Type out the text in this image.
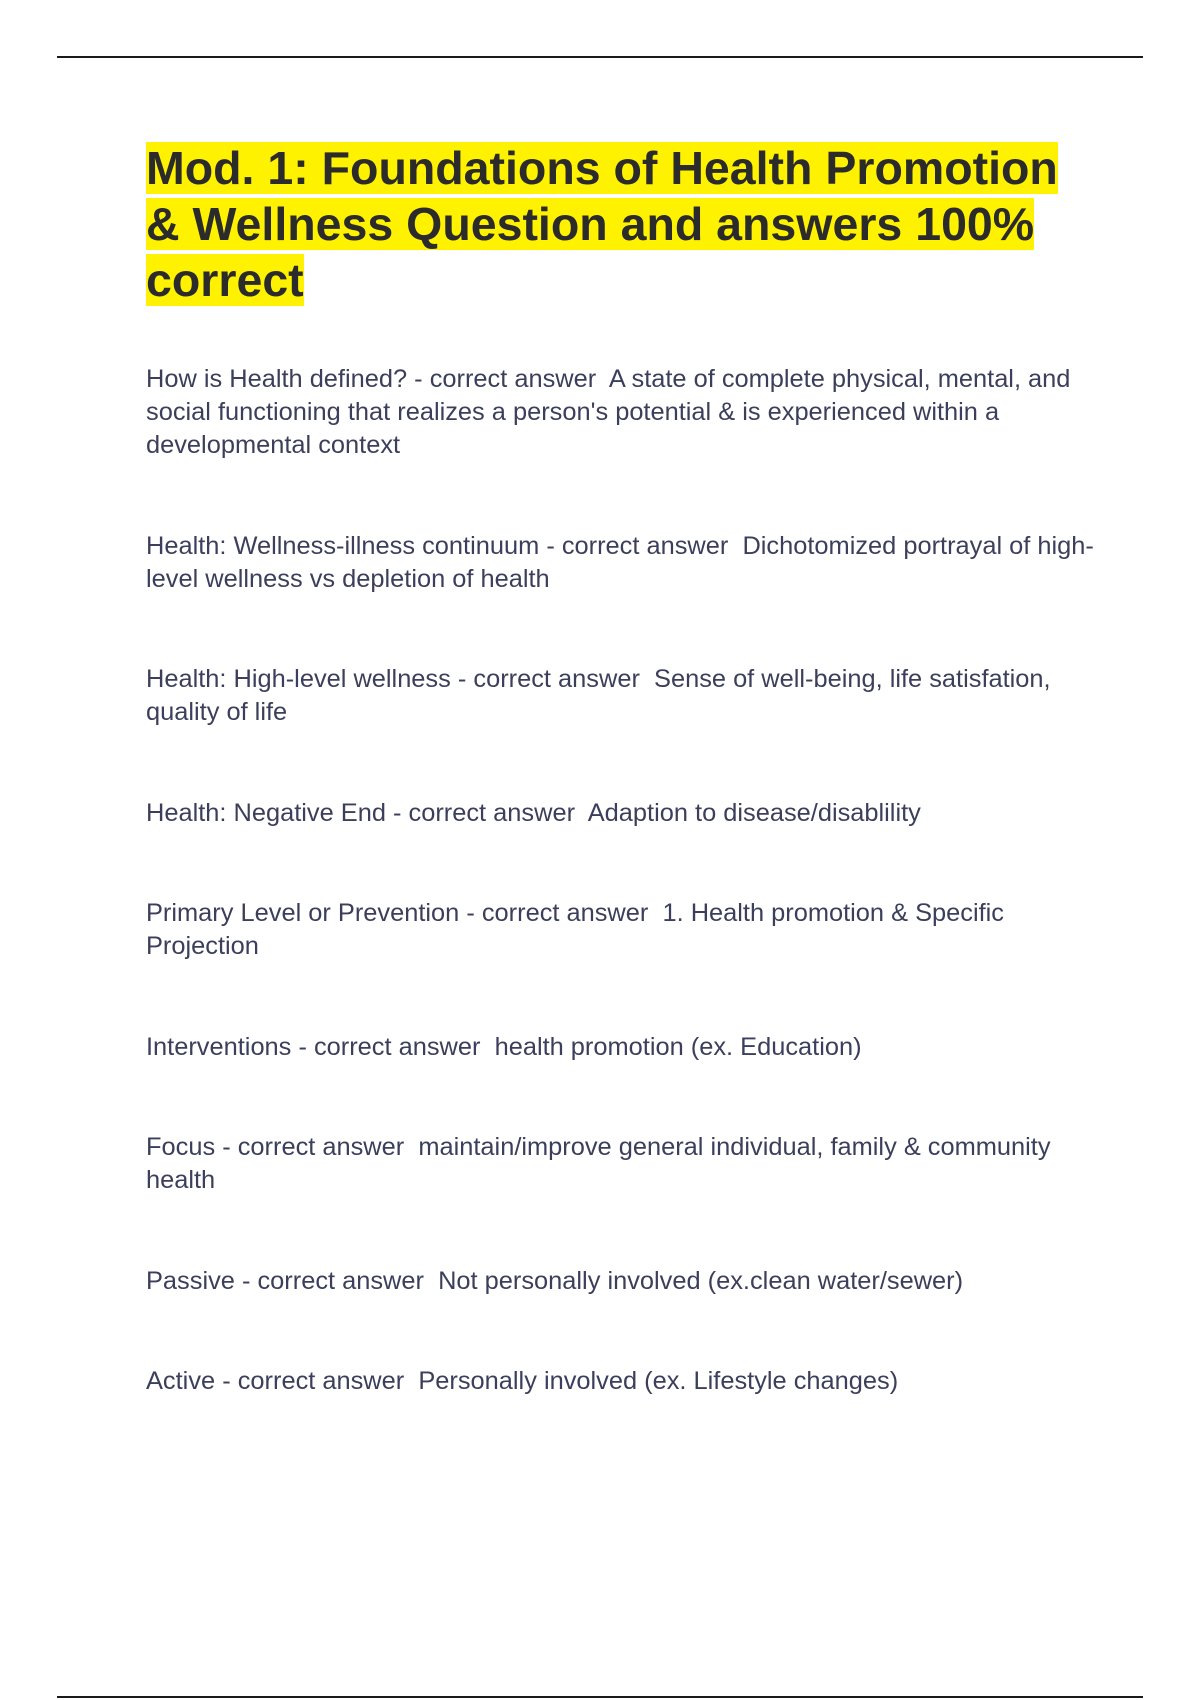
Mod. 1: Foundations of Health Promotion & Wellness Question and answers 100% correct

How is Health defined? - correct answer  A state of complete physical, mental, and social functioning that realizes a person's potential & is experienced within a developmental context

Health: Wellness-illness continuum - correct answer  Dichotomized portrayal of high-level wellness vs depletion of health

Health: High-level wellness - correct answer  Sense of well-being, life satisfation, quality of life

Health: Negative End - correct answer  Adaption to disease/disablility

Primary Level or Prevention - correct answer  1. Health promotion & Specific Projection

Interventions - correct answer  health promotion (ex. Education)

Focus - correct answer  maintain/improve general individual, family & community health

Passive - correct answer  Not personally involved (ex.clean water/sewer)

Active - correct answer  Personally involved (ex. Lifestyle changes)
